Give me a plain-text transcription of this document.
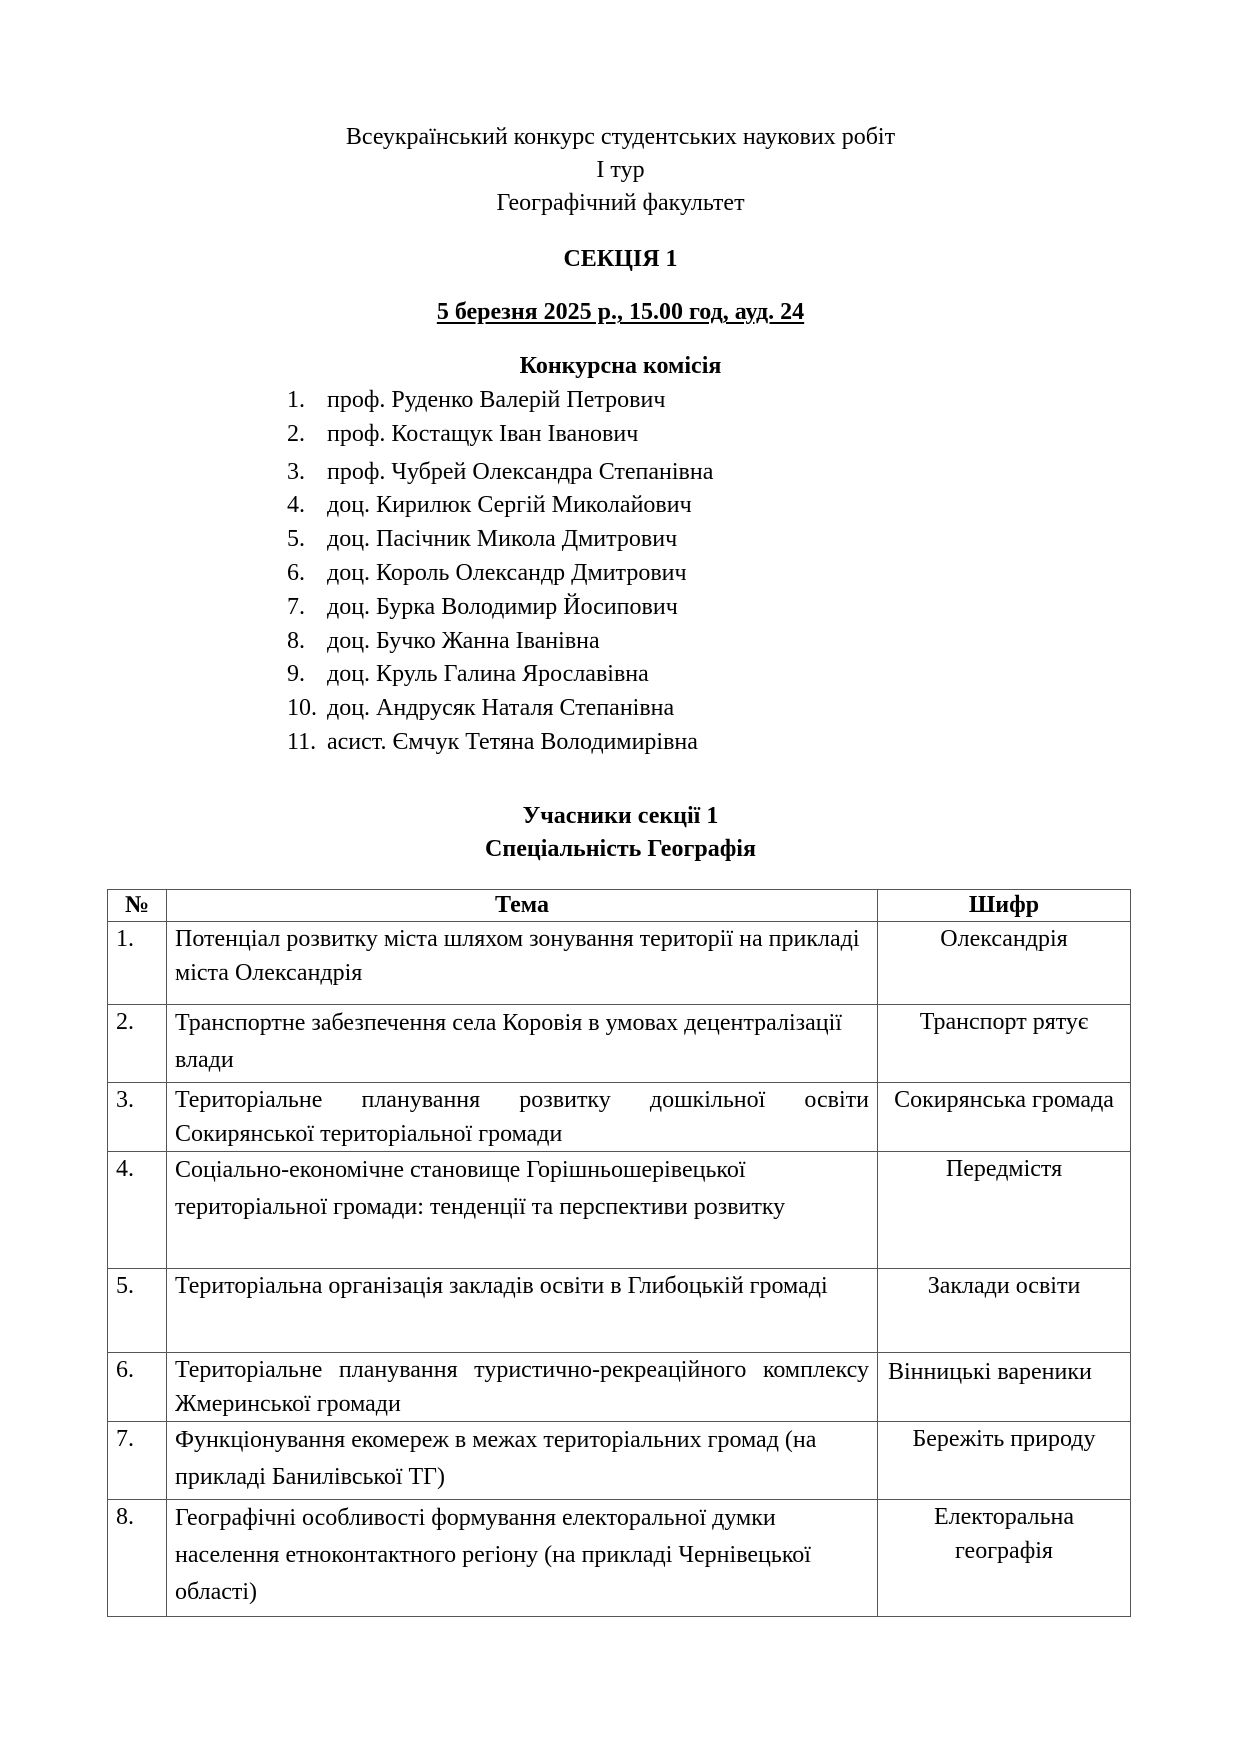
Всеукраїнський конкурс студентських наукових робіт
І тур
Географічний факультет
СЕКЦІЯ 1
5 березня 2025 р., 15.00 год, ауд. 24
Конкурсна комісія
1. проф. Руденко Валерій Петрович
2. проф. Костащук Іван Іванович
3. проф. Чубрей Олександра Степанівна
4. доц. Кирилюк Сергій Миколайович
5. доц. Пасічник Микола Дмитрович
6. доц. Король Олександр Дмитрович
7. доц. Бурка Володимир Йосипович
8. доц. Бучко Жанна Іванівна
9. доц. Круль Галина Ярославівна
10. доц. Андрусяк Наталя Степанівна
11. асист. Ємчук Тетяна Володимирівна
Учасники секції 1
Спеціальність Географія
№	Тема	Шифр
1.	Потенціал розвитку міста шляхом зонування території на прикладі міста Олександрія	Олександрія
2.	Транспортне забезпечення села Коровія в умовах децентралізації влади	Транспорт рятує
3.	Територіальне планування розвитку дошкільної освіти Сокирянської територіальної громади	Сокирянська громада
4.	Соціально-економічне становище Горішньошерівецької територіальної громади: тенденції та перспективи розвитку	Передмістя
5.	Територіальна організація закладів освіти в Глибоцькій громаді	Заклади освіти
6.	Територіальне планування туристично-рекреаційного комплексу Жмеринської громади	Вінницькі вареники
7.	Функціонування екомереж в межах територіальних громад (на прикладі Банилівської ТГ)	Бережіть природу
8.	Географічні особливості формування електоральної думки населення етноконтактного регіону (на прикладі Чернівецької області)	Електоральна географія
